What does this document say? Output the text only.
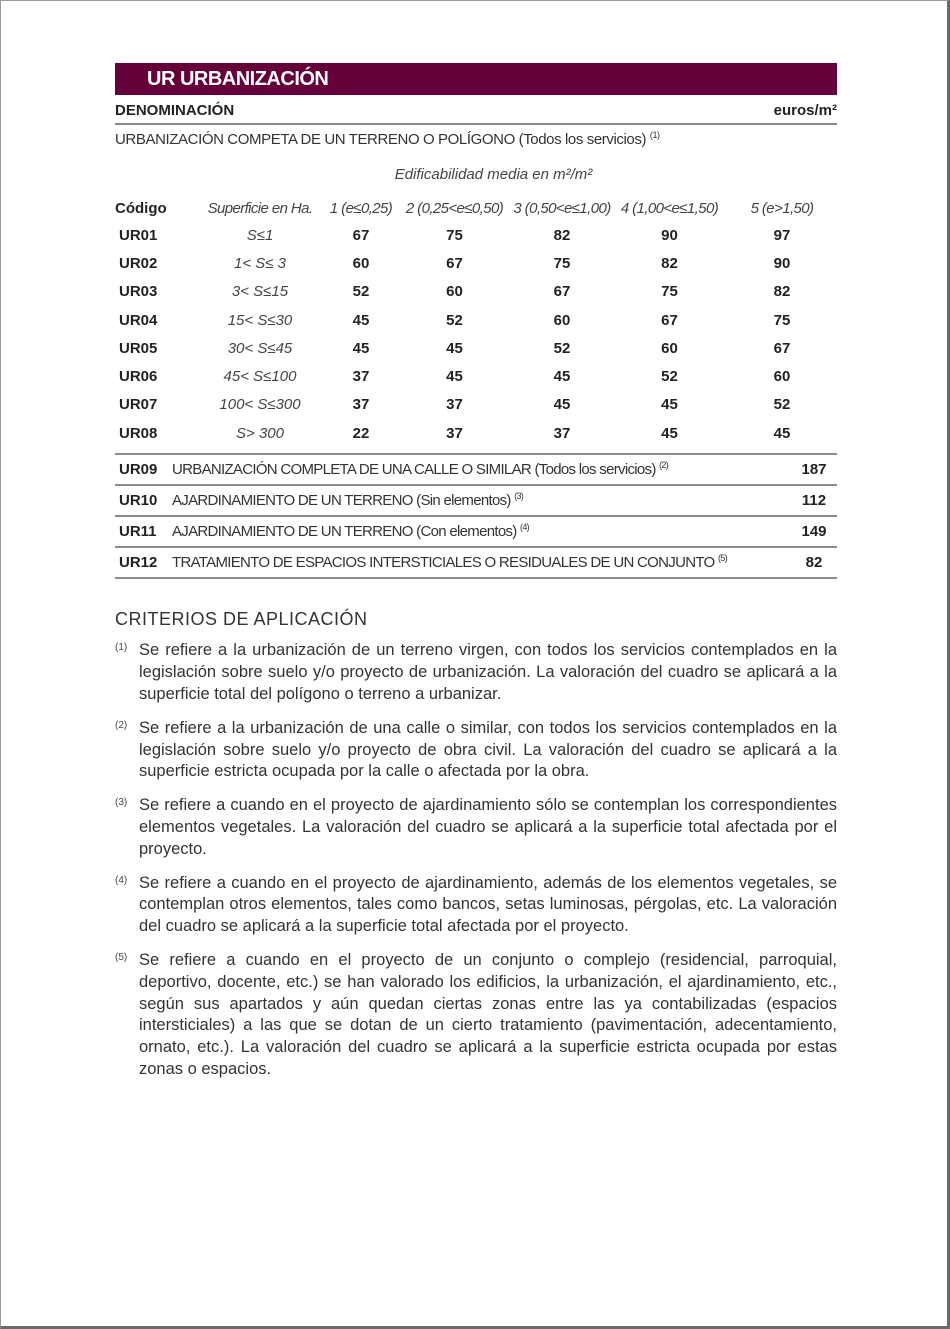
UR URBANIZACIÓN
DENOMINACIÓN	euros/m²
URBANIZACIÓN COMPETA DE UN TERRENO O POLÍGONO (Todos los servicios) $^{(1)}$
Edificabilidad media en m²/m²
Código	Superficie en Ha.	1 (e≤0,25)	2 (0,25<e≤0,50)	3 (0,50<e≤1,00)	4 (1,00<e≤1,50)	5 (e>1,50)
UR01	S≤1	67	75	82	90	97
UR02	1< S≤ 3	60	67	75	82	90
UR03	3< S≤15	52	60	67	75	82
UR04	15< S≤30	45	52	60	67	75
UR05	30< S≤45	45	45	52	60	67
UR06	45< S≤100	37	45	45	52	60
UR07	100< S≤300	37	37	45	45	52
UR08	S> 300	22	37	37	45	45
UR09 URBANIZACIÓN COMPLETA DE UNA CALLE O SIMILAR (Todos los servicios) $^{(2)}$	187
UR10 AJARDINAMIENTO DE UN TERRENO (Sin elementos) $^{(3)}$	112
UR11	AJARDINAMIENTO DE UN TERRENO (Con elementos) $^{(4)}$	149
UR12 TRATAMIENTO DE ESPACIOS INTERSTICIALES O RESIDUALES DE UN CONJUNTO $^{(5)}$	82
CRITERIOS DE APLICACIÓN
(1) Se refiere a la urbanización de un terreno virgen, con todos los servicios contemplados en la legislación sobre suelo y/o proyecto de urbanización. La valoración del cuadro se aplicará a la superficie total del polígono o terreno a urbanizar.
(2) Se refiere a la urbanización de una calle o similar, con todos los servicios contemplados en la legislación sobre suelo y/o proyecto de obra civil. La valoración del cuadro se aplicará a la superficie estricta ocupada por la calle o afectada por la obra.
(3) Se refiere a cuando en el proyecto de ajardinamiento sólo se contemplan los correspondientes elementos vegetales. La valoración del cuadro se aplicará a la superficie total afectada por el proyecto.
(4) Se refiere a cuando en el proyecto de ajardinamiento, además de los elementos vegetales, se contemplan otros elementos, tales como bancos, setas luminosas, pérgolas, etc. La valoración del cuadro se aplicará a la superficie total afectada por el proyecto.
(5) Se refiere a cuando en el proyecto de un conjunto o complejo (residencial, parroquial, deportivo, docente, etc.) se han valorado los edificios, la urbanización, el ajardinamiento, etc., según sus apartados y aún quedan ciertas zonas entre las ya contabilizadas (espacios intersticiales) a las que se dotan de un cierto tratamiento (pavimentación, adecentamiento, ornato, etc.). La valoración del cuadro se aplicará a la superficie estricta ocupada por estas zonas o espacios.
